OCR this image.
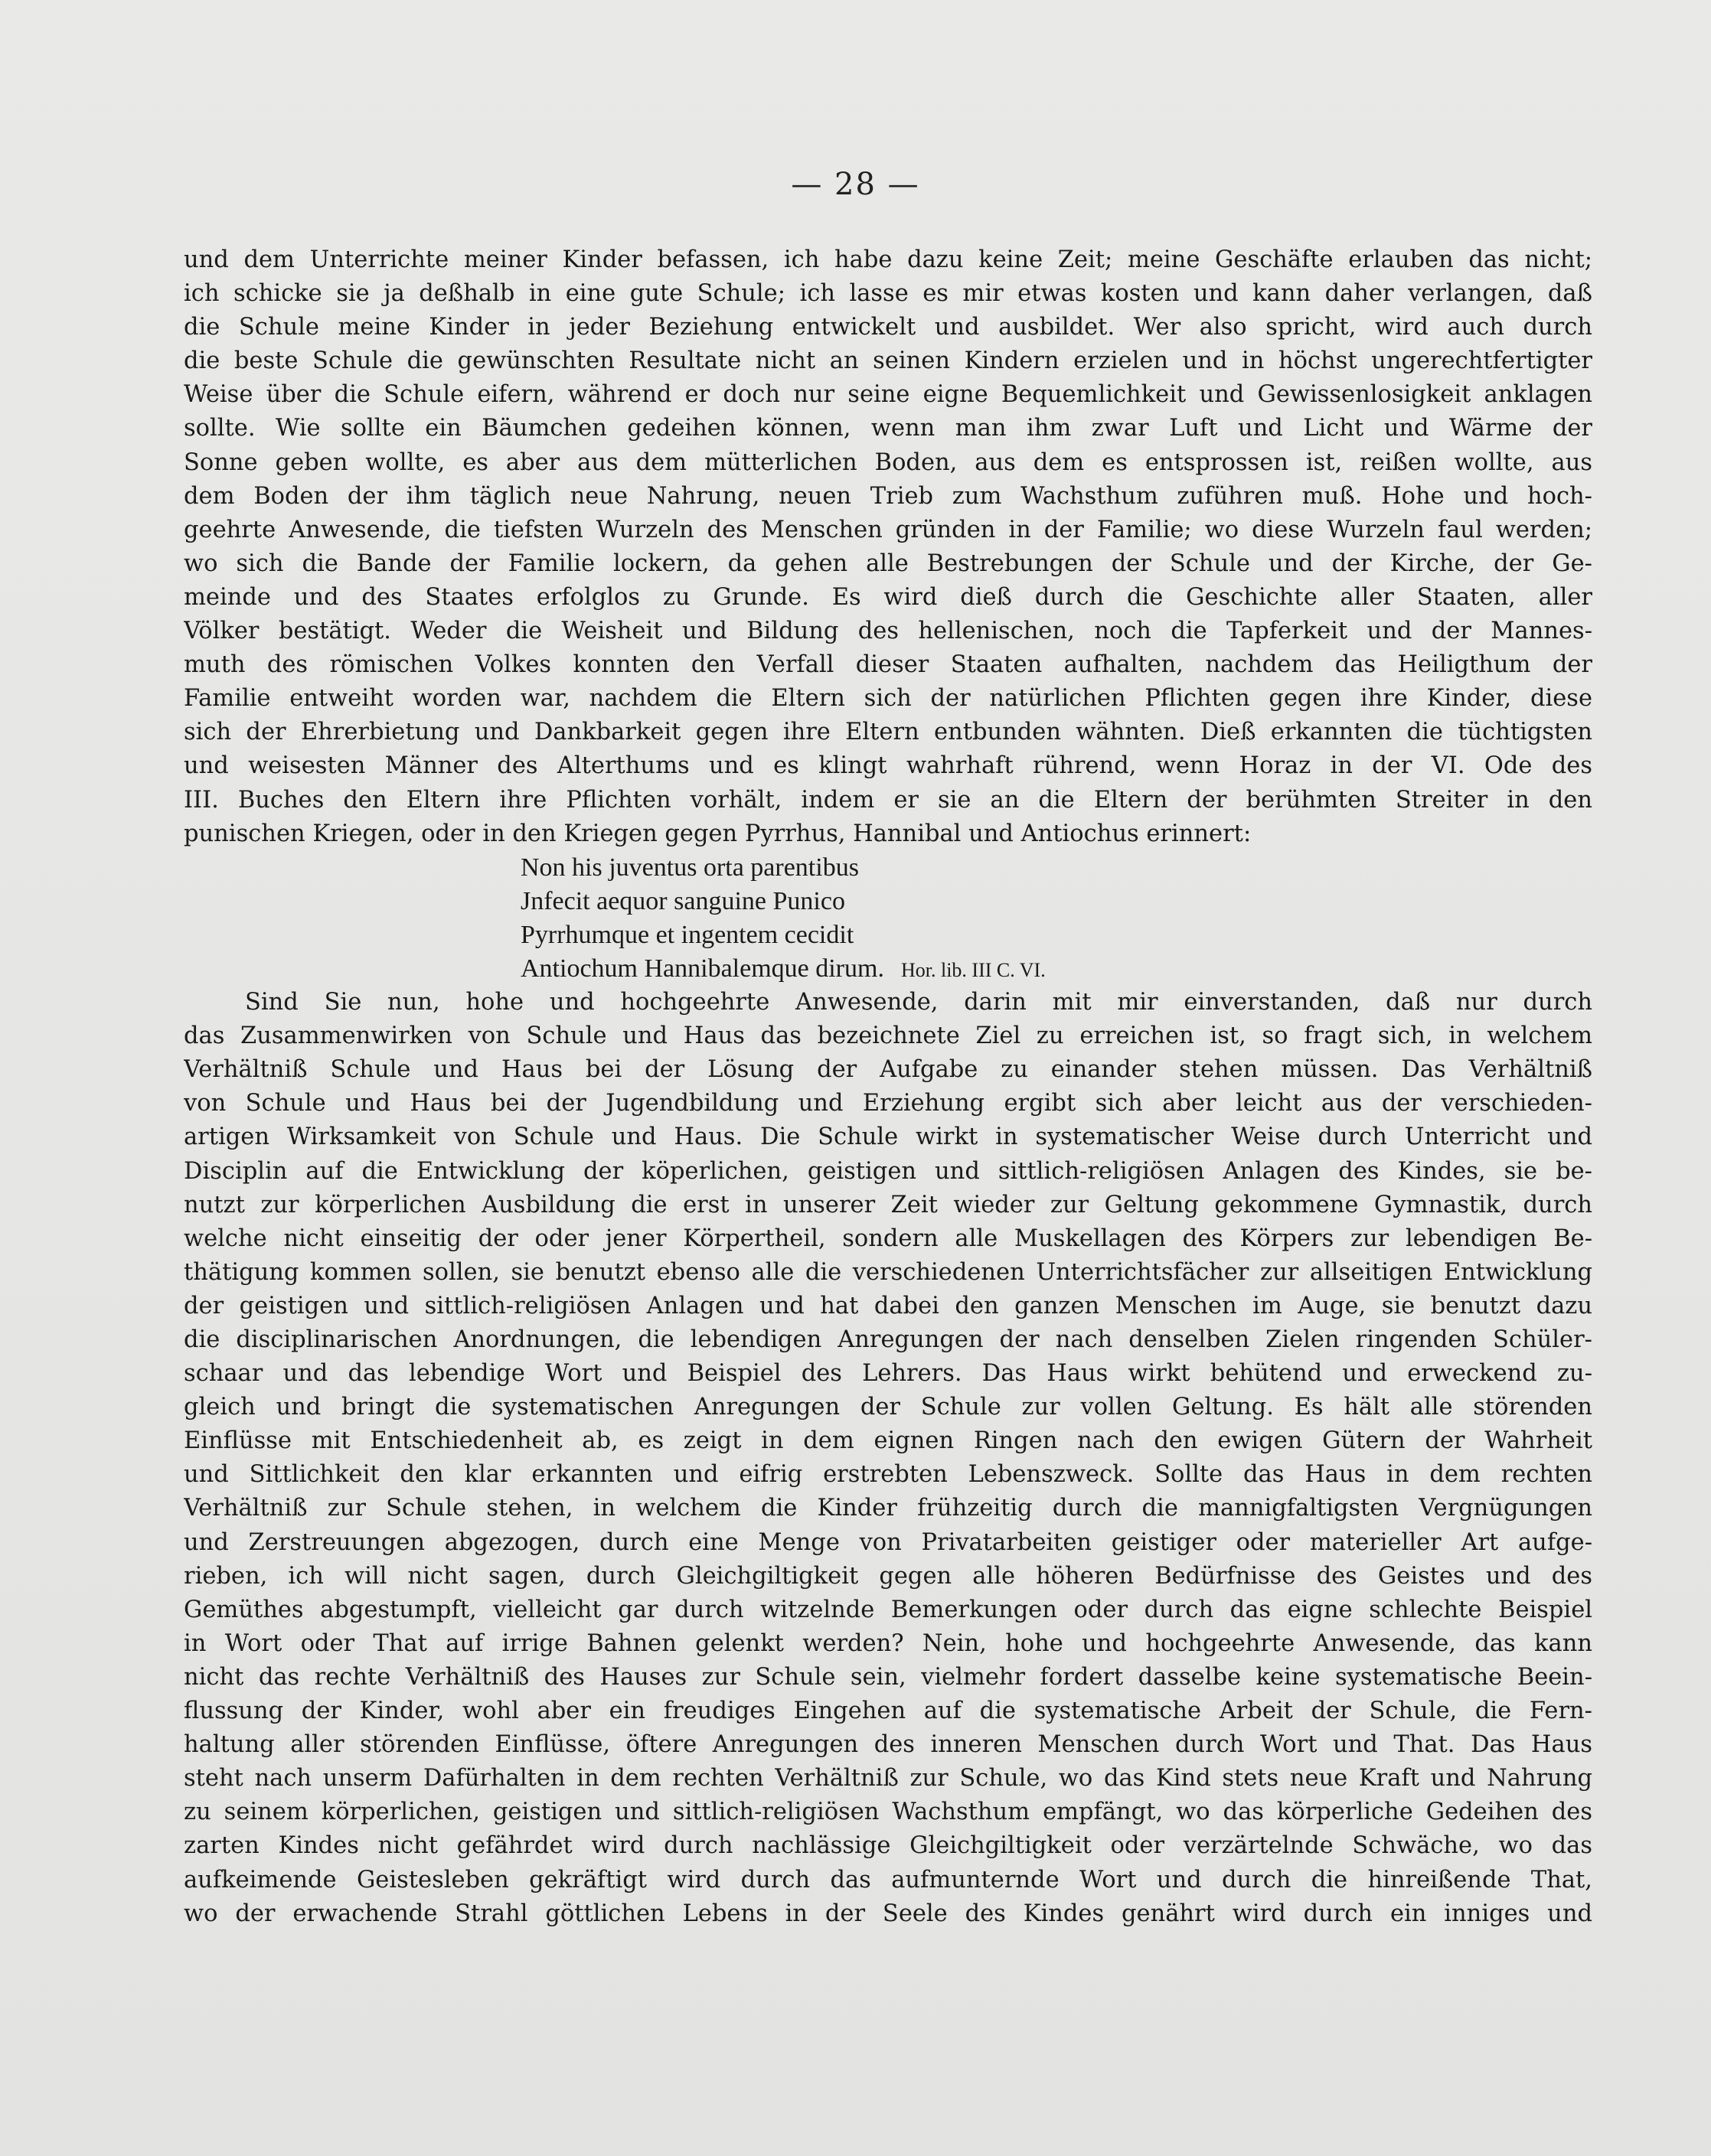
— 28 —
und dem Unterrichte meiner Kinder befassen, ich habe dazu keine Zeit; meine Geschäfte erlauben das nicht;
ich schicke sie ja deßhalb in eine gute Schule; ich lasse es mir etwas kosten und kann daher verlangen, daß
die Schule meine Kinder in jeder Beziehung entwickelt und ausbildet. Wer also spricht, wird auch durch
die beste Schule die gewünschten Resultate nicht an seinen Kindern erzielen und in höchst ungerechtfertigter
Weise über die Schule eifern, während er doch nur seine eigne Bequemlichkeit und Gewissenlosigkeit anklagen
sollte. Wie sollte ein Bäumchen gedeihen können, wenn man ihm zwar Luft und Licht und Wärme der
Sonne geben wollte, es aber aus dem mütterlichen Boden, aus dem es entsprossen ist, reißen wollte, aus
dem Boden der ihm täglich neue Nahrung, neuen Trieb zum Wachsthum zuführen muß. Hohe und hoch-
geehrte Anwesende, die tiefsten Wurzeln des Menschen gründen in der Familie; wo diese Wurzeln faul werden;
wo sich die Bande der Familie lockern, da gehen alle Bestrebungen der Schule und der Kirche, der Ge-
meinde und des Staates erfolglos zu Grunde. Es wird dieß durch die Geschichte aller Staaten, aller
Völker bestätigt. Weder die Weisheit und Bildung des hellenischen, noch die Tapferkeit und der Mannes-
muth des römischen Volkes konnten den Verfall dieser Staaten aufhalten, nachdem das Heiligthum der
Familie entweiht worden war, nachdem die Eltern sich der natürlichen Pflichten gegen ihre Kinder, diese
sich der Ehrerbietung und Dankbarkeit gegen ihre Eltern entbunden wähnten. Dieß erkannten die tüchtigsten
und weisesten Männer des Alterthums und es klingt wahrhaft rührend, wenn Horaz in der VI. Ode des
III. Buches den Eltern ihre Pflichten vorhält, indem er sie an die Eltern der berühmten Streiter in den
punischen Kriegen, oder in den Kriegen gegen Pyrrhus, Hannibal und Antiochus erinnert:
Non his juventus orta parentibus
Jnfecit aequor sanguine Punico
Pyrrhumque et ingentem cecidit
Antiochum Hannibalemque dirum. Hor. lib. III C. VI.
Sind Sie nun, hohe und hochgeehrte Anwesende, darin mit mir einverstanden, daß nur durch
das Zusammenwirken von Schule und Haus das bezeichnete Ziel zu erreichen ist, so fragt sich, in welchem
Verhältniß Schule und Haus bei der Lösung der Aufgabe zu einander stehen müssen. Das Verhältniß
von Schule und Haus bei der Jugendbildung und Erziehung ergibt sich aber leicht aus der verschieden-
artigen Wirksamkeit von Schule und Haus. Die Schule wirkt in systematischer Weise durch Unterricht und
Disciplin auf die Entwicklung der köperlichen, geistigen und sittlich-religiösen Anlagen des Kindes, sie be-
nutzt zur körperlichen Ausbildung die erst in unserer Zeit wieder zur Geltung gekommene Gymnastik, durch
welche nicht einseitig der oder jener Körpertheil, sondern alle Muskellagen des Körpers zur lebendigen Be-
thätigung kommen sollen, sie benutzt ebenso alle die verschiedenen Unterrichtsfächer zur allseitigen Entwicklung
der geistigen und sittlich-religiösen Anlagen und hat dabei den ganzen Menschen im Auge, sie benutzt dazu
die disciplinarischen Anordnungen, die lebendigen Anregungen der nach denselben Zielen ringenden Schüler-
schaar und das lebendige Wort und Beispiel des Lehrers. Das Haus wirkt behütend und erweckend zu-
gleich und bringt die systematischen Anregungen der Schule zur vollen Geltung. Es hält alle störenden
Einflüsse mit Entschiedenheit ab, es zeigt in dem eignen Ringen nach den ewigen Gütern der Wahrheit
und Sittlichkeit den klar erkannten und eifrig erstrebten Lebenszweck. Sollte das Haus in dem rechten
Verhältniß zur Schule stehen, in welchem die Kinder frühzeitig durch die mannigfaltigsten Vergnügungen
und Zerstreuungen abgezogen, durch eine Menge von Privatarbeiten geistiger oder materieller Art aufge-
rieben, ich will nicht sagen, durch Gleichgiltigkeit gegen alle höheren Bedürfnisse des Geistes und des
Gemüthes abgestumpft, vielleicht gar durch witzelnde Bemerkungen oder durch das eigne schlechte Beispiel
in Wort oder That auf irrige Bahnen gelenkt werden? Nein, hohe und hochgeehrte Anwesende, das kann
nicht das rechte Verhältniß des Hauses zur Schule sein, vielmehr fordert dasselbe keine systematische Beein-
flussung der Kinder, wohl aber ein freudiges Eingehen auf die systematische Arbeit der Schule, die Fern-
haltung aller störenden Einflüsse, öftere Anregungen des inneren Menschen durch Wort und That. Das Haus
steht nach unserm Dafürhalten in dem rechten Verhältniß zur Schule, wo das Kind stets neue Kraft und Nahrung
zu seinem körperlichen, geistigen und sittlich-religiösen Wachsthum empfängt, wo das körperliche Gedeihen des
zarten Kindes nicht gefährdet wird durch nachlässige Gleichgiltigkeit oder verzärtelnde Schwäche, wo das
aufkeimende Geistesleben gekräftigt wird durch das aufmunternde Wort und durch die hinreißende That,
wo der erwachende Strahl göttlichen Lebens in der Seele des Kindes genährt wird durch ein inniges und
